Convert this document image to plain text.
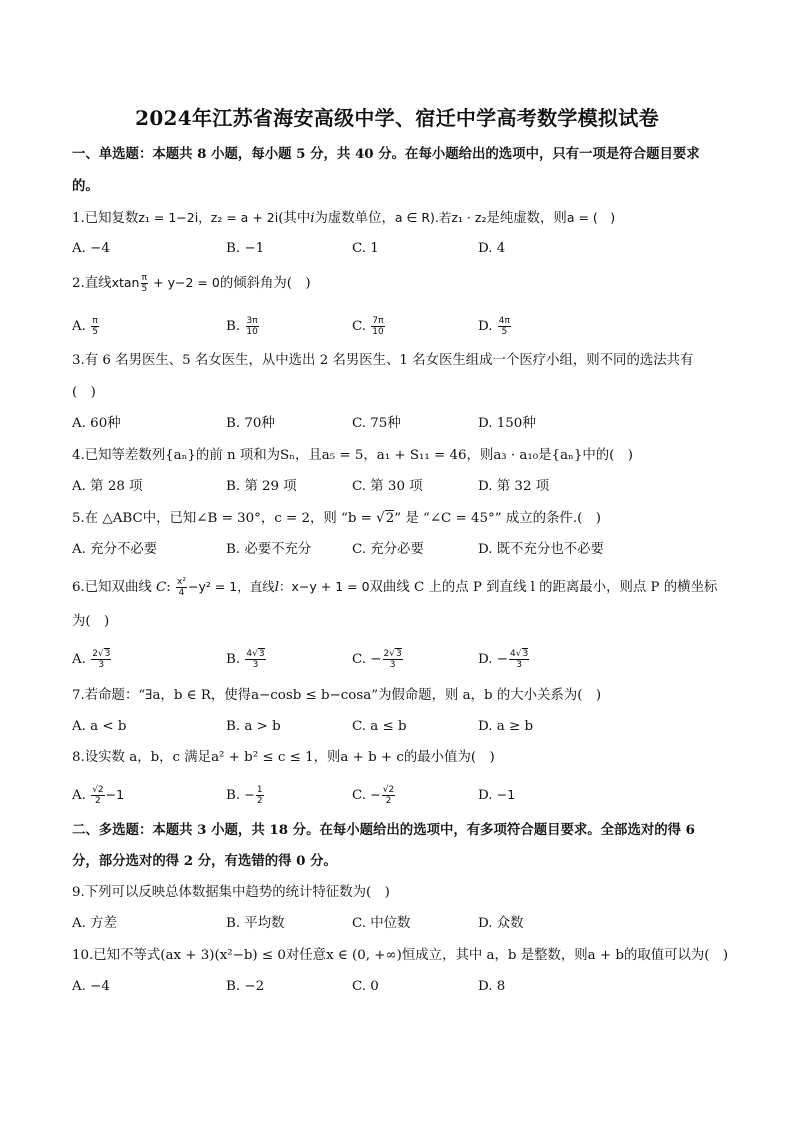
2024年江苏省海安高级中学、宿迁中学高考数学模拟试卷
一、单选题：本题共 8 小题，每小题 5 分，共 40 分。在每小题给出的选项中，只有一项是符合题目要求
的。
1.已知复数z₁ = 1−2i，z₂ = a + 2i(其中i为虚数单位，a ∈ R).若z₁ · z₂是纯虚数，则a = (　)
A. −4	B. −1	C. 1	D. 4
2.直线xtan $\frac{\pi}{5} + y-2 = 0$的倾斜角为(　)
A. $\frac{\pi}{5}$	B. $\frac{3\pi}{10}$	C. $\frac{7\pi}{10}$	D. $\frac{4\pi}{5}$
3.有 6 名男医生、5 名女医生，从中选出 2 名男医生、1 名女医生组成一个医疗小组，则不同的选法共有
(　)
A. 60种	B. 70种	C. 75种	D. 150种
4.已知等差数列{aₙ}的前 n 项和为Sₙ，且a₅ = 5，a₁ + S₁₁ = 46，则a₃ · a₁₀是{aₙ}中的(　)
A. 第 28 项	B. 第 29 项	C. 第 30 项	D. 第 32 项
5.在 △ABC中，已知∠B = 30°，c = 2，则 “b = √2” 是 “∠C = 45°” 成立的条件.(　)
A. 充分不必要	B. 必要不充分	C. 充分必要	D. 既不充分也不必要
6.已知双曲线 C: $\frac{\text{x²}}{4} -y^2 = 1$，直线l：x−y + 1 = 0双曲线 C 上的点 P 到直线 l 的距离最小，则点 P 的横坐标
为(　)
A. $\frac{2√3}{3}$	B. $\frac{4√3}{3}$	C. − $\frac{2√3}{3}$	D. − $\frac{4√3}{3}$
7.若命题：“∃a，b ∈ R，使得a−cosb ≤ b−cosa”为假命题，则 a，b 的大小关系为(　)
A. a < b	B. a > b	C. a ≤ b	D. a ≥ b
8.设实数 a，b，c 满足a² + b² ≤ c ≤ 1，则a + b + c的最小值为(　)
A. $\frac{√2}{2} -1$	B. − $\frac{1}{2}$	C. − $\frac{√2}{2}$	D. −1
二、多选题：本题共 3 小题，共 18 分。在每小题给出的选项中，有多项符合题目要求。全部选对的得 6
分，部分选对的得 2 分，有选错的得 0 分。
9.下列可以反映总体数据集中趋势的统计特征数为(　)
A. 方差	B. 平均数	C. 中位数	D. 众数
10.已知不等式(ax + 3)(x²−b) ≤ 0对任意x ∈ (0, +∞)恒成立，其中 a，b 是整数，则a + b的取值可以为(　)
A. −4	B. −2	C. 0	D. 8
